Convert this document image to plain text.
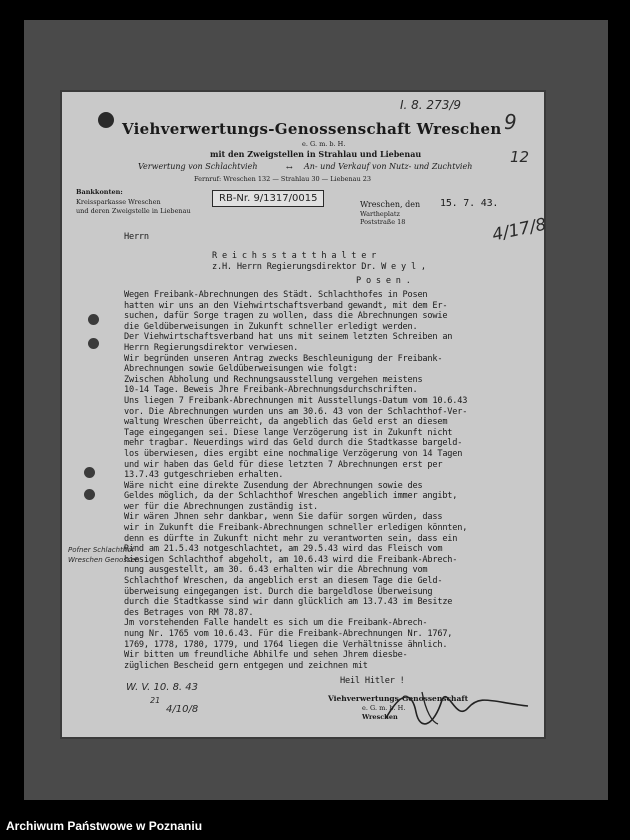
I. 8. 273/9
9
12
Viehverwertungs-Genossenschaft Wreschen
e. G. m. b. H.
mit den Zweigstellen in Strahlau und Liebenau
Verwertung von Schlachtvieh	↔ An- und Verkauf von Nutz- und Zuchtvieh
Fernruf: Wreschen 132 — Strahlau 30 — Liebenau 23
Bankkonten:
Kreissparkasse Wreschen
und deren Zweigstelle in Liebenau
RB-Nr. 9/1317/0015
Wreschen, den 15. 7. 43.
Wartheplatz
Poststraße 18	4/17/8
Herrn
R e i c h s s t a t t h a l t e r
z.H. Herrn Regierungsdirektor Dr. W e y l ,
P o s e n .
Wegen Freibank-Abrechnungen des Städt. Schlachthofes in Posen
hatten wir uns an den Viehwirtschaftsverband gewandt, mit dem Er-
suchen, dafür Sorge tragen zu wollen, dass die Abrechnungen sowie
die Geldüberweisungen in Zukunft schneller erledigt werden.
Der Viehwirtschaftsverband hat uns mit seinem letzten Schreiben an
Herrn Regierungsdirektor verwiesen.
Wir begründen unseren Antrag zwecks Beschleunigung der Freibank-
Abrechnungen sowie Geldüberweisungen wie folgt:
Zwischen Abholung und Rechnungsausstellung vergehen meistens
10-14 Tage. Beweis Jhre Freibank-Abrechnungsdurchschriften.
Uns liegen 7 Freibank-Abrechnungen mit Ausstellungs-Datum vom 10.6.43
vor. Die Abrechnungen wurden uns am 30.6. 43 von der Schlachthof-Ver-
waltung Wreschen überreicht, da angeblich das Geld erst an diesem
Tage eingegangen sei. Diese lange Verzögerung ist in Zukunft nicht
mehr tragbar. Neuerdings wird das Geld durch die Stadtkasse bargeld-
los überwiesen, dies ergibt eine nochmalige Verzögerung von 14 Tagen
und wir haben das Geld für diese letzten 7 Abrechnungen erst per
13.7.43 gutgeschrieben erhalten.
Wäre nicht eine direkte Zusendung der Abrechnungen sowie des
Geldes möglich, da der Schlachthof Wreschen angeblich immer angibt,
wer für die Abrechnungen zuständig ist.
Wir wären Jhnen sehr dankbar, wenn Sie dafür sorgen würden, dass
wir in Zukunft die Freibank-Abrechnungen schneller erledigen könnten,
denn es dürfte in Zukunft nicht mehr zu verantworten sein, dass ein
Rind am 21.5.43 notgeschlachtet, am 29.5.43 wird das Fleisch vom
hiesigen Schlachthof abgeholt, am 10.6.43 wird die Freibank-Abrech-
nung ausgestellt, am 30. 6.43 erhalten wir die Abrechnung vom
Schlachthof Wreschen, da angeblich erst an diesem Tage die Geld-
überweisung eingegangen ist. Durch die bargeldlose Überweisung
durch die Stadtkasse sind wir dann glücklich am 13.7.43 im Besitze
des Betrages von RM 78.87.
Jm vorstehenden Falle handelt es sich um die Freibank-Abrech-
nung Nr. 1765 vom 10.6.43. Für die Freibank-Abrechnungen Nr. 1767,
1769, 1778, 1780, 1779, und 1764 liegen die Verhältnisse ähnlich.
Wir bitten um freundliche Abhilfe und sehen Jhrem diesbe-
züglichen Bescheid gern entgegen und zeichnen mit
Pofner Schlachthof
Wreschen Genossen
Heil Hitler !
Viehverwertungs-Genossenschaft
e. G. m. b. H.
Wreschen
W. V. 10. 8. 43
21
4/10/8
Archiwum Państwowe w Poznaniu
